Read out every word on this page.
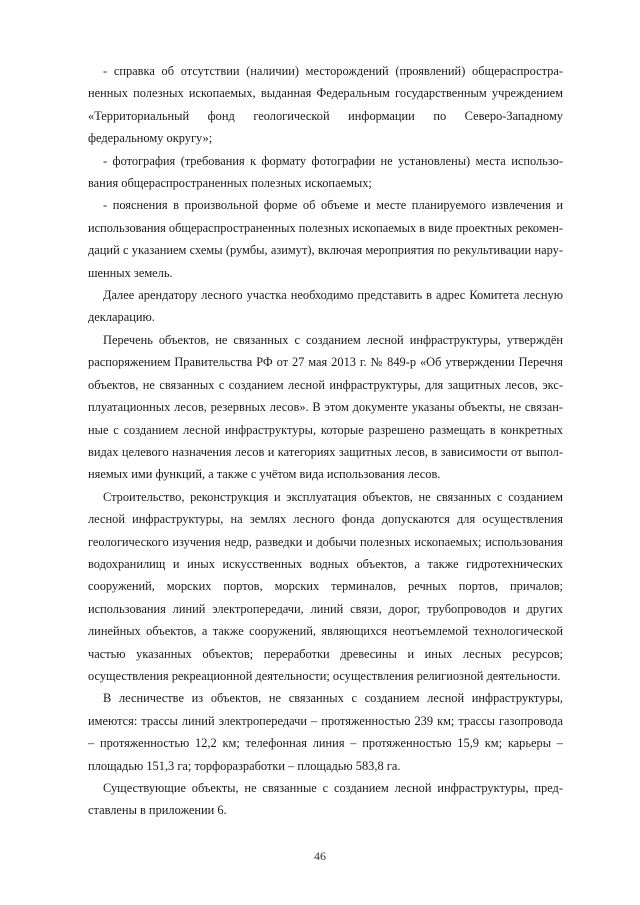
- справка об отсутствии (наличии) месторождений (проявлений) общераспространенных полезных ископаемых, выданная Федеральным государственным учреждением «Территориальный фонд геологической информации по Северо-Западному федеральному округу»;

- фотография (требования к формату фотографии не установлены) места использования общераспространенных полезных ископаемых;

- пояснения в произвольной форме об объеме и месте планируемого извлечения и использования общераспространенных полезных ископаемых в виде проектных рекомендаций с указанием схемы (румбы, азимут), включая мероприятия по рекультивации нарушенных земель.

Далее арендатору лесного участка необходимо представить в адрес Комитета лесную декларацию.

Перечень объектов, не связанных с созданием лесной инфраструктуры, утверждён распоряжением Правительства РФ от 27 мая 2013 г. № 849-р «Об утверждении Перечня объектов, не связанных с созданием лесной инфраструктуры, для защитных лесов, эксплуатационных лесов, резервных лесов». В этом документе указаны объекты, не связанные с созданием лесной инфраструктуры, которые разрешено размещать в конкретных видах целевого назначения лесов и категориях защитных лесов, в зависимости от выполняемых ими функций, а также с учётом вида использования лесов.

Строительство, реконструкция и эксплуатация объектов, не связанных с созданием лесной инфраструктуры, на землях лесного фонда допускаются для осуществления геологического изучения недр, разведки и добычи полезных ископаемых; использования водохранилищ и иных искусственных водных объектов, а также гидротехнических сооружений, морских портов, морских терминалов, речных портов, причалов; использования линий электропередачи, линий связи, дорог, трубопроводов и других линейных объектов, а также сооружений, являющихся неотъемлемой технологической частью указанных объектов; переработки древесины и иных лесных ресурсов; осуществления рекреационной деятельности; осуществления религиозной деятельности.

В лесничестве из объектов, не связанных с созданием лесной инфраструктуры, имеются: трассы линий электропередачи – протяженностью 239 км; трассы газопровода – протяженностью 12,2 км; телефонная линия – протяженностью 15,9 км; карьеры – площадью 151,3 га; торфоразработки – площадью 583,8 га.

Существующие объекты, не связанные с созданием лесной инфраструктуры, представлены в приложении 6.

46
